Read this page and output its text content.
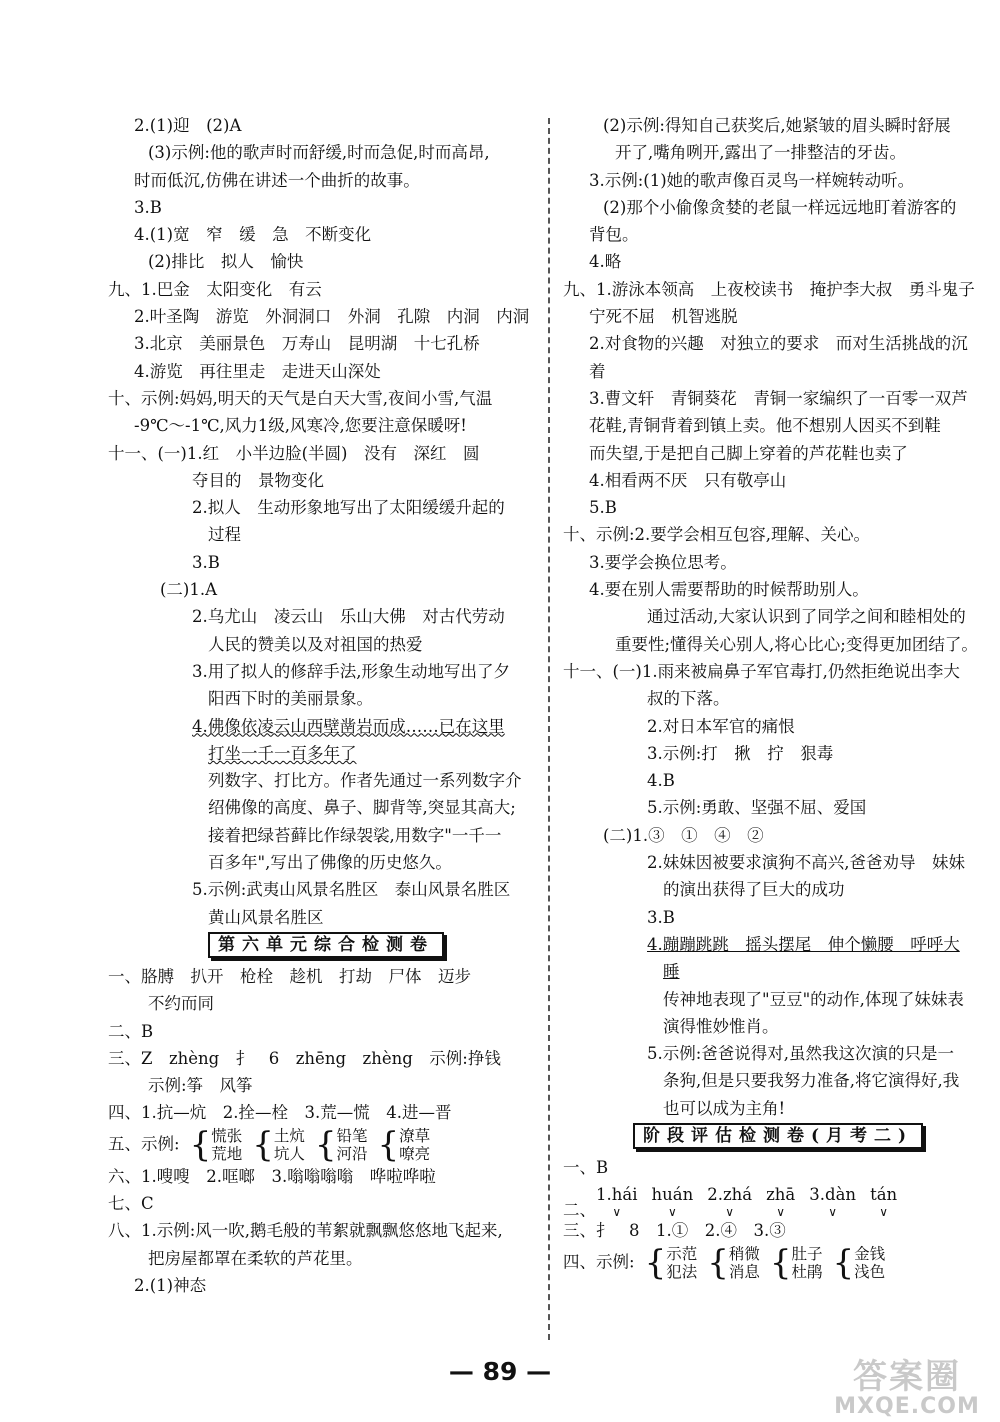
2.(1)迎　(2)A
(3)示例:他的歌声时而舒缓,时而急促,时而高昂,
时而低沉,仿佛在讲述一个曲折的故事。
3.B
4.(1)宽　窄　缓　急　不断变化
(2)排比　拟人　愉快
九、1.巴金　太阳变化　有云
2.叶圣陶　游览　外洞洞口　外洞　孔隙　内洞　内洞
3.北京　美丽景色　万寿山　昆明湖　十七孔桥
4.游览　再往里走　走进天山深处
十、示例:妈妈,明天的天气是白天大雪,夜间小雪,气温
-9℃～-1℃,风力1级,风寒冷,您要注意保暖呀!
十一、(一)1.红　小半边脸(半圆)　没有　深红　圆
夺目的　景物变化
2.拟人　生动形象地写出了太阳缓缓升起的
过程
3.B
(二)1.A
2.乌尤山　凌云山　乐山大佛　对古代劳动
人民的赞美以及对祖国的热爱
3.用了拟人的修辞手法,形象生动地写出了夕
阳西下时的美丽景象。
4.佛像依凌云山西壁凿岩而成……已在这里
打坐一千一百多年了
列数字、打比方。作者先通过一系列数字介
绍佛像的高度、鼻子、脚背等,突显其高大;
接着把绿苔藓比作绿袈裟,用数字"一千一
百多年",写出了佛像的历史悠久。
5.示例:武夷山风景名胜区　泰山风景名胜区
黄山风景名胜区
第六单元综合检测卷
一、胳膊　扒开　枪栓　趁机　打劫　尸体　迈步
不约而同
二、B
三、Z　zhèng　扌　6　zhēng　zhèng　示例:挣钱
示例:筝　风筝
四、1.抗—炕　2.拴—栓　3.荒—慌　4.进—晋
五、示例: {慌张
荒地 {土炕
坑人 {铅笔
河沿 {潦草
嘹亮
六、1.嗖嗖　2.哐啷　3.嗡嗡嗡嗡　哗啦哗啦
七、C
八、1.示例:风一吹,鹅毛般的苇絮就飘飘悠悠地飞起来,
把房屋都罩在柔软的芦花里。
2.(1)神态
(2)示例:得知自己获奖后,她紧皱的眉头瞬时舒展
开了,嘴角咧开,露出了一排整洁的牙齿。
3.示例:(1)她的歌声像百灵鸟一样婉转动听。
(2)那个小偷像贪婪的老鼠一样远远地盯着游客的
背包。
4.略
九、1.游泳本领高　上夜校读书　掩护李大叔　勇斗鬼子
宁死不屈　机智逃脱
2.对食物的兴趣　对独立的要求　而对生活挑战的沉
着
3.曹文轩　青铜葵花　青铜一家编织了一百零一双芦
花鞋,青铜背着到镇上卖。他不想别人因买不到鞋
而失望,于是把自己脚上穿着的芦花鞋也卖了
4.相看两不厌　只有敬亭山
5.B
十、示例:2.要学会相互包容,理解、关心。
3.要学会换位思考。
4.要在别人需要帮助的时候帮助别人。
通过活动,大家认识到了同学之间和睦相处的
重要性;懂得关心别人,将心比心;变得更加团结了。
十一、(一)1.雨来被扁鼻子军官毒打,仍然拒绝说出李大
叔的下落。
2.对日本军官的痛恨
3.示例:打　揪　拧　狠毒
4.B
5.示例:勇敢、坚强不屈、爱国
(二)1.③　①　④　②
2.妹妹因被要求演狗不高兴,爸爸劝导　妹妹
的演出获得了巨大的成功
3.B
4.蹦蹦跳跳　摇头摆尾　伸个懒腰　呼呼大
睡
传神地表现了"豆豆"的动作,体现了妹妹表
演得惟妙惟肖。
5.示例:爸爸说得对,虽然我这次演的只是一
条狗,但是只要我努力准备,将它演得好,我
也可以成为主角!
阶段评估检测卷(月考二)
一、B
二、1.hái
∨
huán
∨
2.zhá
∨
zhā
∨
3.dàn
∨
tán
∨
三、扌　8　1.①　2.④　3.③
四、示例: {示范
犯法 {稍微
消息 {肚子
杜鹃 {金钱
浅色
— 89 —	答案圈
MXQE.COM
